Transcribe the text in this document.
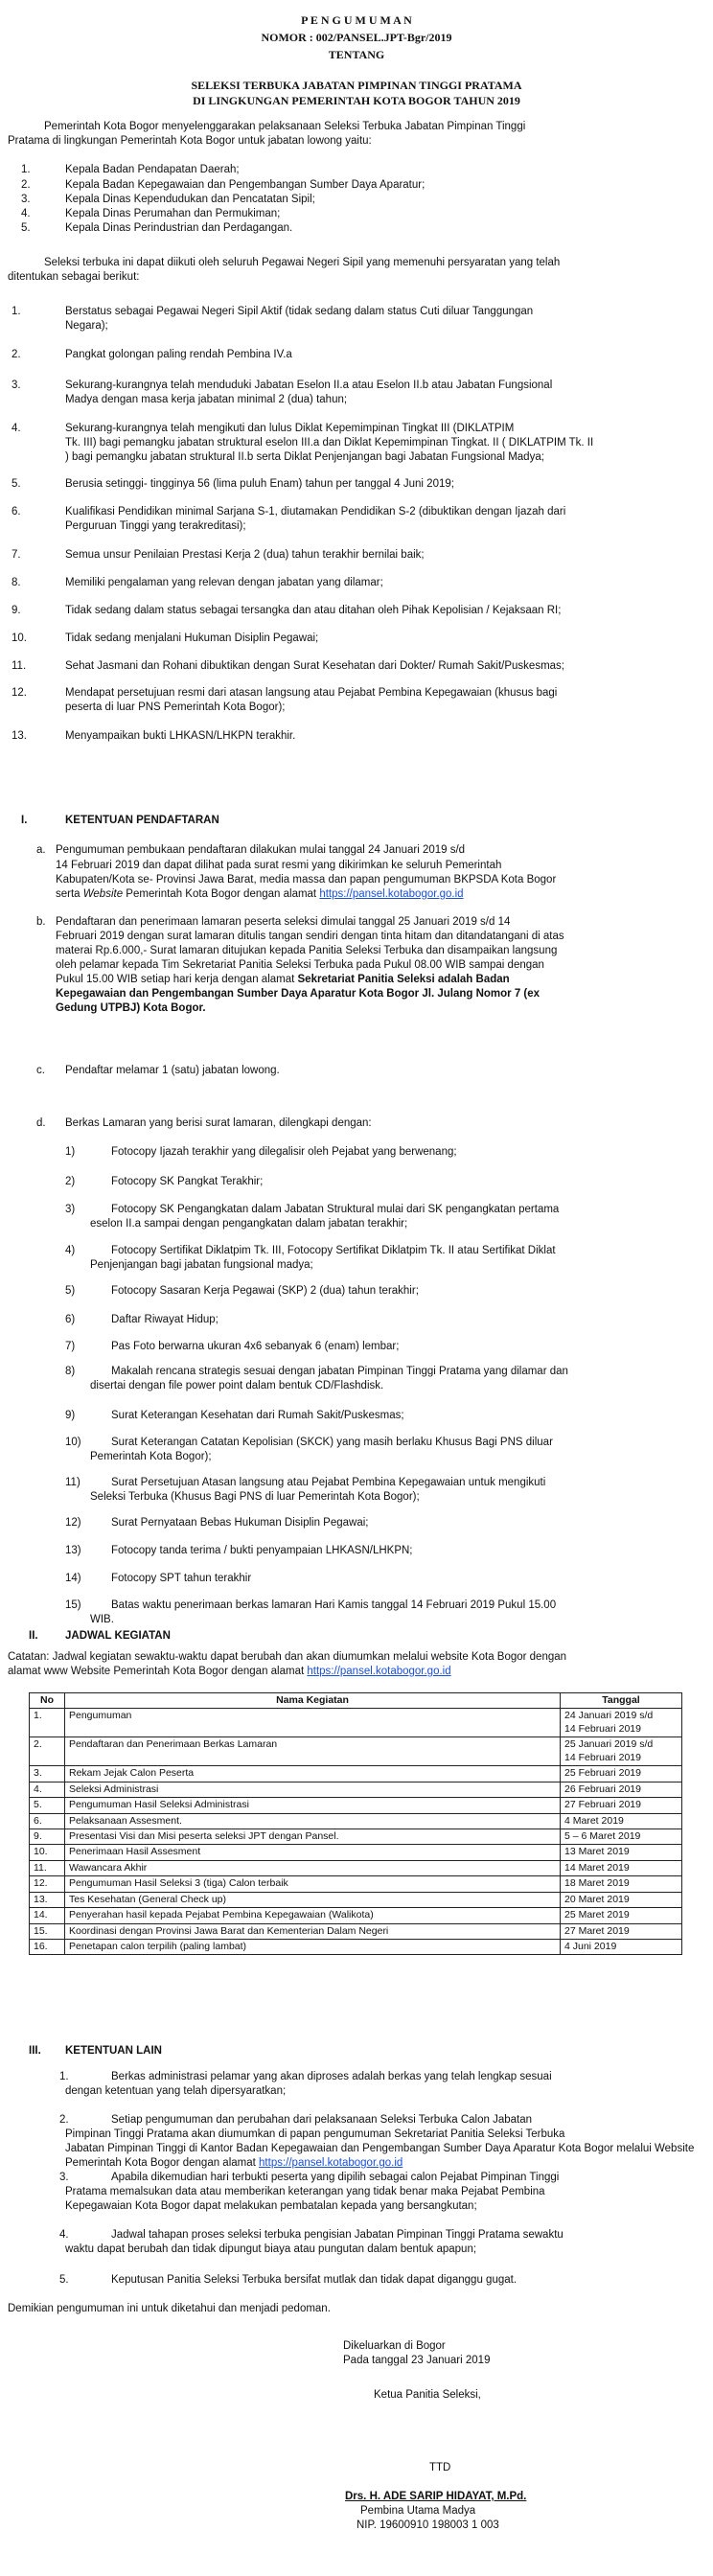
P E N G U M U M A N
NOMOR : 002/PANSEL.JPT-Bgr/2019
TENTANG
SELEKSI TERBUKA JABATAN PIMPINAN TINGGI PRATAMA
DI LINGKUNGAN PEMERINTAH KOTA BOGOR TAHUN 2019
Pemerintah Kota Bogor menyelenggarakan pelaksanaan Seleksi Terbuka Jabatan Pimpinan Tinggi
Pratama di lingkungan Pemerintah Kota Bogor untuk jabatan lowong yaitu:
1.	Kepala Badan Pendapatan Daerah;
2.	Kepala Badan Kepegawaian dan Pengembangan Sumber Daya Aparatur;
3.	Kepala Dinas Kependudukan dan Pencatatan Sipil;
4.	Kepala Dinas Perumahan dan Permukiman;
5.	Kepala Dinas Perindustrian dan Perdagangan.
Seleksi terbuka ini dapat diikuti oleh seluruh Pegawai Negeri Sipil yang memenuhi persyaratan yang telah
ditentukan sebagai berikut:
1.	Berstatus sebagai Pegawai Negeri Sipil Aktif (tidak sedang dalam status Cuti diluar Tanggungan
Negara);
2.	Pangkat golongan paling rendah Pembina IV.a
3.	Sekurang-kurangnya telah menduduki Jabatan Eselon II.a atau Eselon II.b atau Jabatan Fungsional
Madya dengan masa kerja jabatan minimal 2 (dua) tahun;
4.	Sekurang-kurangnya telah mengikuti dan lulus Diklat Kepemimpinan Tingkat III (DIKLATPIM
Tk. III) bagi pemangku jabatan struktural eselon III.a dan Diklat Kepemimpinan Tingkat. II ( DIKLATPIM Tk. II
) bagi pemangku jabatan struktural II.b serta Diklat Penjenjangan bagi Jabatan Fungsional Madya;
5.	Berusia setinggi- tingginya 56 (lima puluh Enam) tahun per tanggal 4 Juni 2019;
6.	Kualifikasi Pendidikan minimal Sarjana S-1, diutamakan Pendidikan S-2 (dibuktikan dengan Ijazah dari
Perguruan Tinggi yang terakreditasi);
7.	Semua unsur Penilaian Prestasi Kerja 2 (dua) tahun terakhir bernilai baik;
8.	Memiliki pengalaman yang relevan dengan jabatan yang dilamar;
9.	Tidak sedang dalam status sebagai tersangka dan atau ditahan oleh Pihak Kepolisian / Kejaksaan RI;
10.	Tidak sedang menjalani Hukuman Disiplin Pegawai;
11.	Sehat Jasmani dan Rohani dibuktikan dengan Surat Kesehatan dari Dokter/ Rumah Sakit/Puskesmas;
12.	Mendapat persetujuan resmi dari atasan langsung atau Pejabat Pembina Kepegawaian (khusus bagi
peserta di luar PNS Pemerintah Kota Bogor);
13.	Menyampaikan bukti LHKASN/LHKPN terakhir.
I.	KETENTUAN PENDAFTARAN
a. Pengumuman pembukaan pendaftaran dilakukan mulai tanggal 24 Januari 2019 s/d
14 Februari 2019 dan dapat dilihat pada surat resmi yang dikirimkan ke seluruh Pemerintah
Kabupaten/Kota se- Provinsi Jawa Barat, media massa dan papan pengumuman BKPSDA Kota Bogor
serta Website Pemerintah Kota Bogor dengan alamat https://pansel.kotabogor.go.id
b. Pendaftaran dan penerimaan lamaran peserta seleksi dimulai tanggal 25 Januari 2019 s/d 14
Februari 2019 dengan surat lamaran ditulis tangan sendiri dengan tinta hitam dan ditandatangani di atas
materai Rp.6.000,- Surat lamaran ditujukan kepada Panitia Seleksi Terbuka dan disampaikan langsung
oleh pelamar kepada Tim Sekretariat Panitia Seleksi Terbuka pada Pukul 08.00 WIB sampai dengan
Pukul 15.00 WIB setiap hari kerja dengan alamat Sekretariat Panitia Seleksi adalah Badan
Kepegawaian dan Pengembangan Sumber Daya Aparatur Kota Bogor Jl. Julang Nomor 7 (ex
Gedung UTPBJ) Kota Bogor.
c. Pendaftar melamar 1 (satu) jabatan lowong.
d. Berkas Lamaran yang berisi surat lamaran, dilengkapi dengan:
1)	Fotocopy Ijazah terakhir yang dilegalisir oleh Pejabat yang berwenang;
2)	Fotocopy SK Pangkat Terakhir;
3)	Fotocopy SK Pengangkatan dalam Jabatan Struktural mulai dari SK pengangkatan pertama
eselon II.a sampai dengan pengangkatan dalam jabatan terakhir;
4)	Fotocopy Sertifikat Diklatpim Tk. III, Fotocopy Sertifikat Diklatpim Tk. II atau Sertifikat Diklat
Penjenjangan bagi jabatan fungsional madya;
5)	Fotocopy Sasaran Kerja Pegawai (SKP) 2 (dua) tahun terakhir;
6)	Daftar Riwayat Hidup;
7)	Pas Foto berwarna ukuran 4x6 sebanyak 6 (enam) lembar;
8)	Makalah rencana strategis sesuai dengan jabatan Pimpinan Tinggi Pratama yang dilamar dan
disertai dengan file power point dalam bentuk CD/Flashdisk.
9)	Surat Keterangan Kesehatan dari Rumah Sakit/Puskesmas;
10)	Surat Keterangan Catatan Kepolisian (SKCK) yang masih berlaku Khusus Bagi PNS diluar
Pemerintah Kota Bogor);
11)	Surat Persetujuan Atasan langsung atau Pejabat Pembina Kepegawaian untuk mengikuti
Seleksi Terbuka (Khusus Bagi PNS di luar Pemerintah Kota Bogor);
12)	Surat Pernyataan Bebas Hukuman Disiplin Pegawai;
13)	Fotocopy tanda terima / bukti penyampaian LHKASN/LHKPN;
14)	Fotocopy SPT tahun terakhir
15)	Batas waktu penerimaan berkas lamaran Hari Kamis tanggal 14 Februari 2019 Pukul 15.00
WIB.
II. JADWAL KEGIATAN
Catatan: Jadwal kegiatan sewaktu-waktu dapat berubah dan akan diumumkan melalui website Kota Bogor dengan
alamat www Website Pemerintah Kota Bogor dengan alamat https://pansel.kotabogor.go.id
No	Nama Kegiatan	Tanggal
1.	Pengumuman	24 Januari 2019 s/d
14 Februari 2019

2.	Pendaftaran dan Penerimaan Berkas Lamaran	25 Januari 2019 s/d
14 Februari 2019

3.	Rekam Jejak Calon Peserta	25 Februari 2019

4.	Seleksi Administrasi	26 Februari 2019

5.	Pengumuman Hasil Seleksi Administrasi	27 Februari 2019

6.	Pelaksanaan Assesment.	4 Maret 2019

9.	Presentasi Visi dan Misi peserta seleksi JPT dengan Pansel.	5 – 6 Maret 2019

10.	Penerimaan Hasil Assesment	13 Maret 2019

11.	Wawancara Akhir	14 Maret 2019

12.	Pengumuman Hasil Seleksi 3 (tiga) Calon terbaik	18 Maret 2019

13.	Tes Kesehatan (General Check up)	20 Maret 2019

14.	Penyerahan hasil kepada Pejabat Pembina Kepegawaian (Walikota)	25 Maret 2019

15.	Koordinasi dengan Provinsi Jawa Barat dan Kementerian Dalam Negeri	27 Maret 2019

16.	Penetapan calon terpilih (paling lambat)	4 Juni 2019
III. KETENTUAN LAIN
1.	Berkas administrasi pelamar yang akan diproses adalah berkas yang telah lengkap sesuai
dengan ketentuan yang telah dipersyaratkan;
2.	Setiap pengumuman dan perubahan dari pelaksanaan Seleksi Terbuka Calon Jabatan
Pimpinan Tinggi Pratama akan diumumkan di papan pengumuman Sekretariat Panitia Seleksi Terbuka
Jabatan Pimpinan Tinggi di Kantor Badan Kepegawaian dan Pengembangan Sumber Daya Aparatur Kota Bogor melalui Website
Pemerintah Kota Bogor dengan alamat https://pansel.kotabogor.go.id
3.	Apabila dikemudian hari terbukti peserta yang dipilih sebagai calon Pejabat Pimpinan Tinggi
Pratama memalsukan data atau memberikan keterangan yang tidak benar maka Pejabat Pembina
Kepegawaian Kota Bogor dapat melakukan pembatalan kepada yang bersangkutan;
4.	Jadwal tahapan proses seleksi terbuka pengisian Jabatan Pimpinan Tinggi Pratama sewaktu
waktu dapat berubah dan tidak dipungut biaya atau pungutan dalam bentuk apapun;
5.	Keputusan Panitia Seleksi Terbuka bersifat mutlak dan tidak dapat diganggu gugat.
Demikian pengumuman ini untuk diketahui dan menjadi pedoman.
Dikeluarkan di Bogor
Pada tanggal 23 Januari 2019
Ketua Panitia Seleksi,
TTD
Drs. H. ADE SARIP HIDAYAT, M.Pd.
Pembina Utama Madya
NIP. 19600910 198003 1 003
